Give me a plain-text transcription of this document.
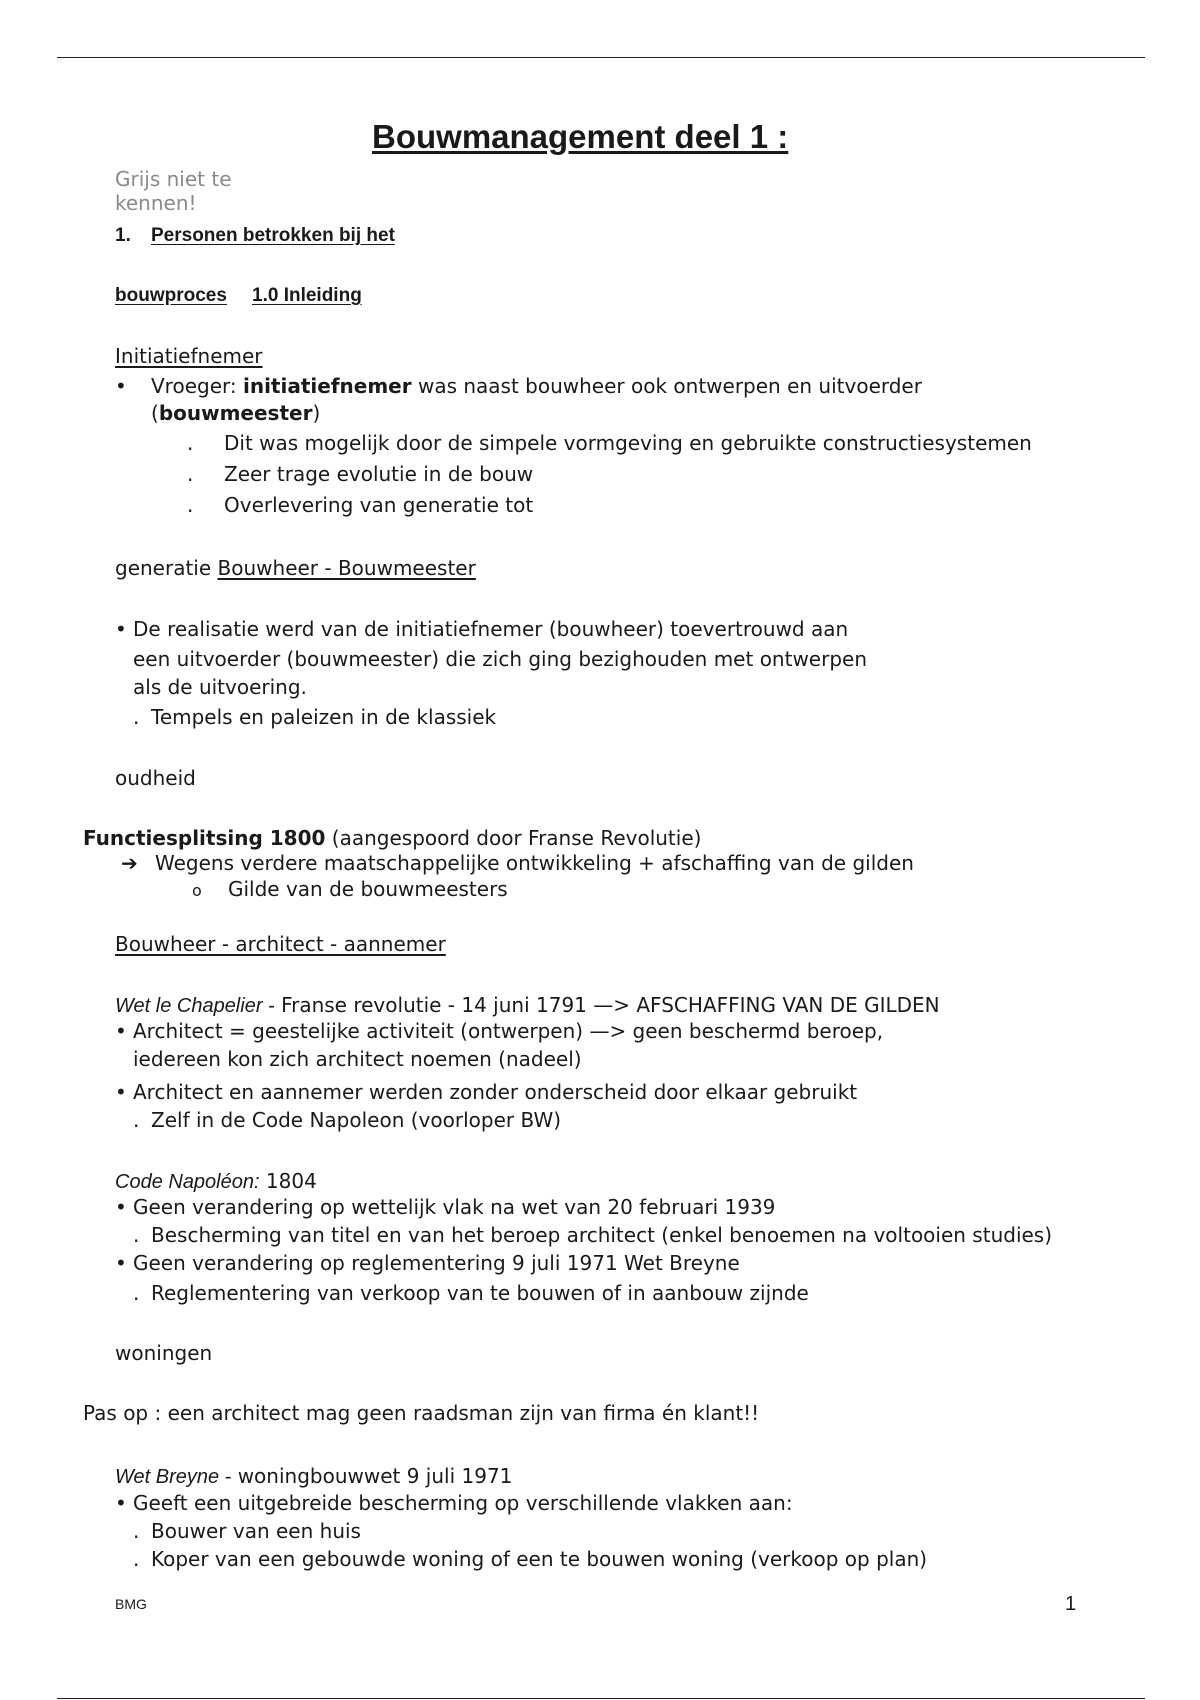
Bouwmanagement deel 1 :
Grijs niet te
kennen!
1. Personen betrokken bij het
bouwproces 1.0 Inleiding
Initiatiefnemer
• Vroeger: initiatiefnemer was naast bouwheer ook ontwerpen en uitvoerder
(bouwmeester)
. Dit was mogelijk door de simpele vormgeving en gebruikte constructiesystemen
. Zeer trage evolutie in de bouw
. Overlevering van generatie tot
generatie Bouwheer - Bouwmeester
• De realisatie werd van de initiatiefnemer (bouwheer) toevertrouwd aan
een uitvoerder (bouwmeester) die zich ging bezighouden met ontwerpen
als de uitvoering.
. Tempels en paleizen in de klassiek
oudheid
Functiesplitsing 1800 (aangespoord door Franse Revolutie)
➔ Wegens verdere maatschappelijke ontwikkeling + afschaffing van de gilden
o Gilde van de bouwmeesters
Bouwheer - architect - aannemer
Wet le Chapelier - Franse revolutie - 14 juni 1791 —> AFSCHAFFING VAN DE GILDEN
• Architect = geestelijke activiteit (ontwerpen) —> geen beschermd beroep,
iedereen kon zich architect noemen (nadeel)
• Architect en aannemer werden zonder onderscheid door elkaar gebruikt
. Zelf in de Code Napoleon (voorloper BW)
Code Napoléon: 1804
• Geen verandering op wettelijk vlak na wet van 20 februari 1939
. Bescherming van titel en van het beroep architect (enkel benoemen na voltooien studies)
• Geen verandering op reglementering 9 juli 1971 Wet Breyne
. Reglementering van verkoop van te bouwen of in aanbouw zijnde
woningen
Pas op : een architect mag geen raadsman zijn van firma én klant!!
Wet Breyne - woningbouwwet 9 juli 1971
• Geeft een uitgebreide bescherming op verschillende vlakken aan:
. Bouwer van een huis
. Koper van een gebouwde woning of een te bouwen woning (verkoop op plan)
BMG	1
